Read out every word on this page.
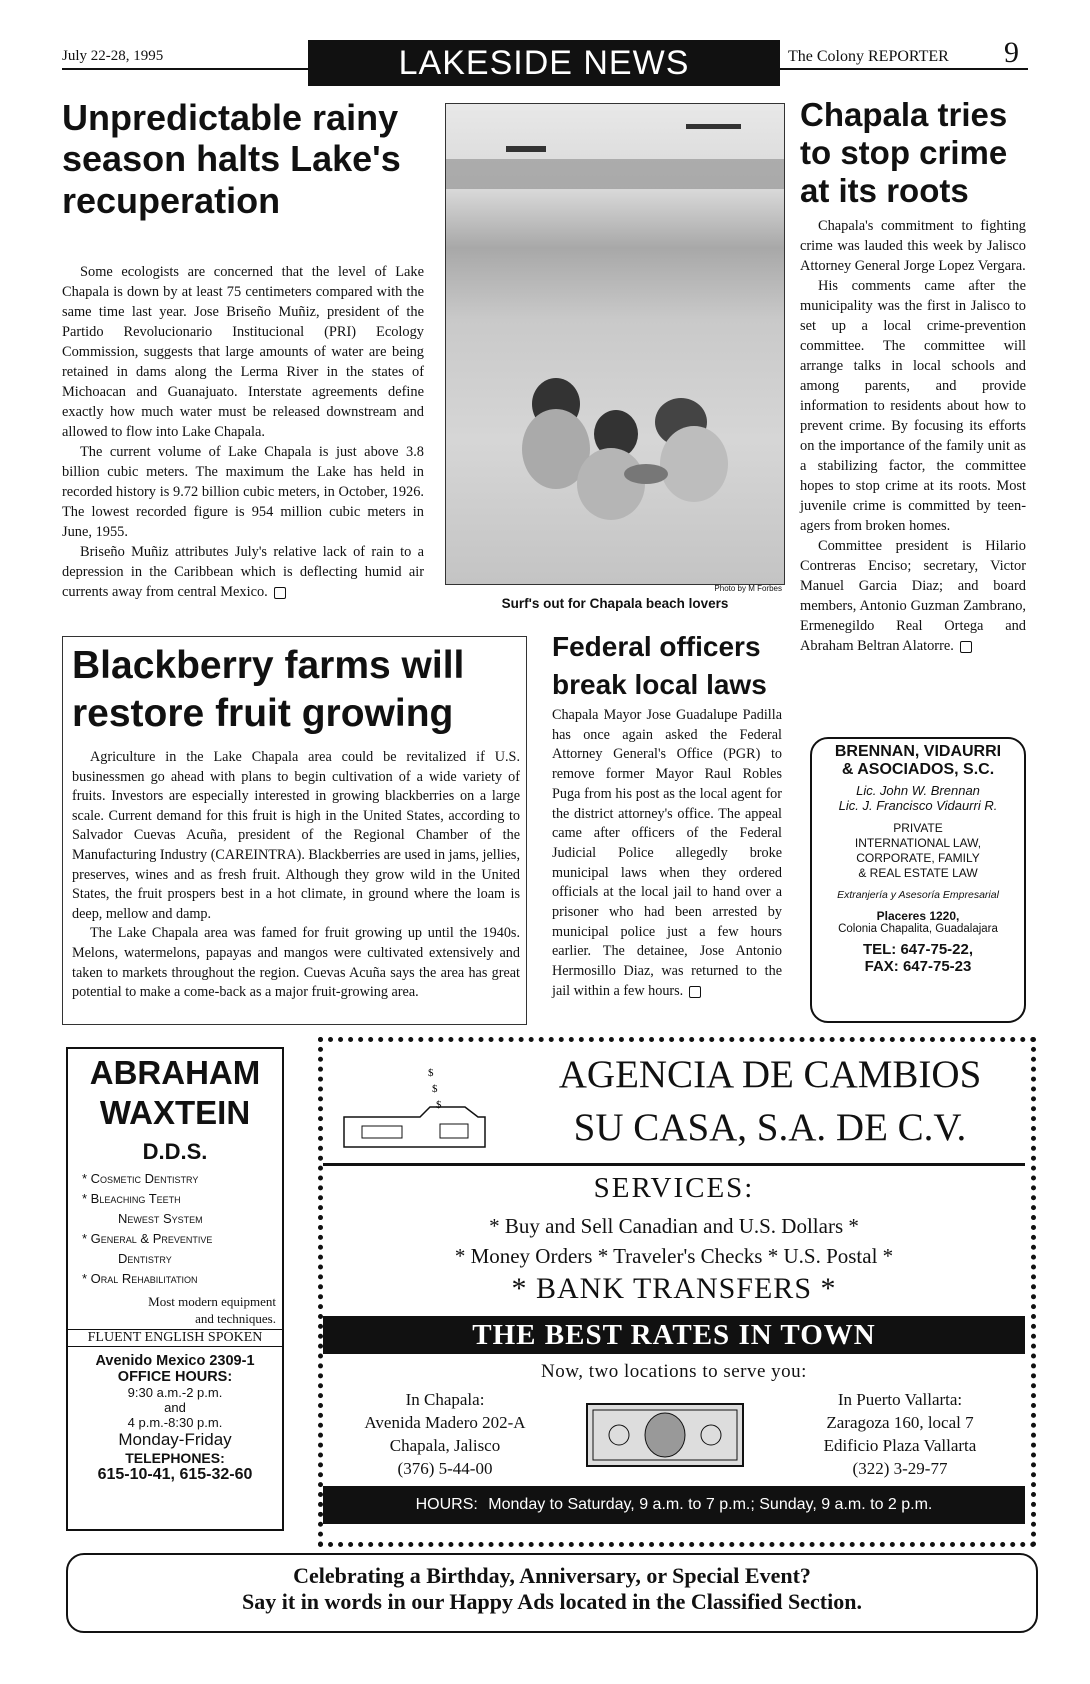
July 22-28, 1995	LAKESIDE NEWS	The Colony REPORTER 9
Unpredictable rainy season halts Lake's recuperation

Some ecologists are concerned that the level of Lake Chapala is down by at least 75 centimeters compared with the same time last year. Jose Briseño Muñiz, president of the Partido Revolucionario Institucional (PRI) Ecology Commission, suggests that large amounts of water are being retained in dams along the Lerma River in the states of Michoacan and Guanajuato. Interstate agreements define exactly how much water must be released downstream and allowed to flow into Lake Chapala.

The current volume of Lake Chapala is just above 3.8 billion cubic meters. The maximum the Lake has held in recorded history is 9.72 billion cubic meters, in October, 1926. The lowest recorded figure is 954 million cubic meters in June, 1955.

Briseño Muñiz attributes July's relative lack of rain to a depression in the Caribbean which is deflecting humid air currents away from central Mexico.	Photo by M Forbes
Surf's out for Chapala beach lovers
Chapala tries to stop crime at its roots

Chapala's commitment to fighting crime was lauded this week by Jalisco Attorney General Jorge Lopez Vergara.

His comments came after the municipality was the first in Jalisco to set up a local crime-prevention committee. The committee will arrange talks in local schools and among parents, and provide information to residents about how to prevent crime. By focusing its efforts on the importance of the family unit as a stabilizing factor, the committee hopes to stop crime at its roots. Most juvenile crime is committed by teen-agers from broken homes.

Committee president is Hilario Contreras Enciso; secretary, Victor Manuel Garcia Diaz; and board members, Antonio Guzman Zambrano, Ermenegildo Real Ortega and Abraham Beltran Alatorre.

Blackberry farms will restore fruit growing

Agriculture in the Lake Chapala area could be revitalized if U.S. businessmen go ahead with plans to begin cultivation of a wide variety of fruits. Investors are especially interested in growing blackberries on a large scale. Current demand for this fruit is high in the United States, according to Salvador Cuevas Acuña, president of the Regional Chamber of the Manufacturing Industry (CAREINTRA). Blackberries are used in jams, jellies, preserves, wines and as fresh fruit. Although they grow wild in the United States, the fruit prospers best in a hot climate, in ground where the loam is deep, mellow and damp.

The Lake Chapala area was famed for fruit growing up until the 1940s. Melons, watermelons, papayas and mangos were cultivated extensively and taken to markets throughout the region. Cuevas Acuña says the area has great potential to make a come-back as a major fruit-growing area.

Federal officers break local laws

Chapala Mayor Jose Guadalupe Padilla has once again asked the Federal Attorney General's Office (PGR) to remove former Mayor Raul Robles Puga from his post as the local agent for the district attorney's office. The appeal came after officers of the Federal Judicial Police allegedly broke municipal laws when they ordered officials at the local jail to hand over a prisoner who had been arrested by municipal police just a few hours earlier. The detainee, Jose Antonio Hermosillo Diaz, was returned to the jail within a few hours.

BRENNAN, VIDAURRI
& ASOCIADOS, S.C.
Lic. John W. Brennan
Lic. J. Francisco Vidaurri R.
PRIVATE
INTERNATIONAL LAW,
CORPORATE, FAMILY
& REAL ESTATE LAW
Extranjería y Asesoría Empresarial
Placeres 1220,
Colonia Chapalita, Guadalajara
TEL: 647-75-22,
FAX: 647-75-23
ABRAHAM
WAXTEIN
D.D.S.
* Cosmetic Dentistry
* Bleaching Teeth
Newest System
* General & Preventive
Dentistry
* Oral Rehabilitation
Most modern equipment
and techniques.
FLUENT ENGLISH SPOKEN
Avenido Mexico 2309-1
OFFICE HOURS:
9:30 a.m.-2 p.m.
and
4 p.m.-8:30 p.m.
Monday-Friday
TELEPHONES:
615-10-41, 615-32-60
$
$
$
AGENCIA DE CAMBIOS
SU CASA, S.A. DE C.V.
SERVICES:
* Buy and Sell Canadian and U.S. Dollars *
* Money Orders * Traveler's Checks * U.S. Postal *
* BANK TRANSFERS *
THE BEST RATES IN TOWN
Now, two locations to serve you:
In Chapala:
Avenida Madero 202-A
Chapala, Jalisco
(376) 5-44-00
In Puerto Vallarta:
Zaragoza 160, local 7
Edificio Plaza Vallarta
(322) 3-29-77
HOURS: Monday to Saturday, 9 a.m. to 7 p.m.; Sunday, 9 a.m. to 2 p.m.
Celebrating a Birthday, Anniversary, or Special Event?
Say it in words in our Happy Ads located in the Classified Section.
